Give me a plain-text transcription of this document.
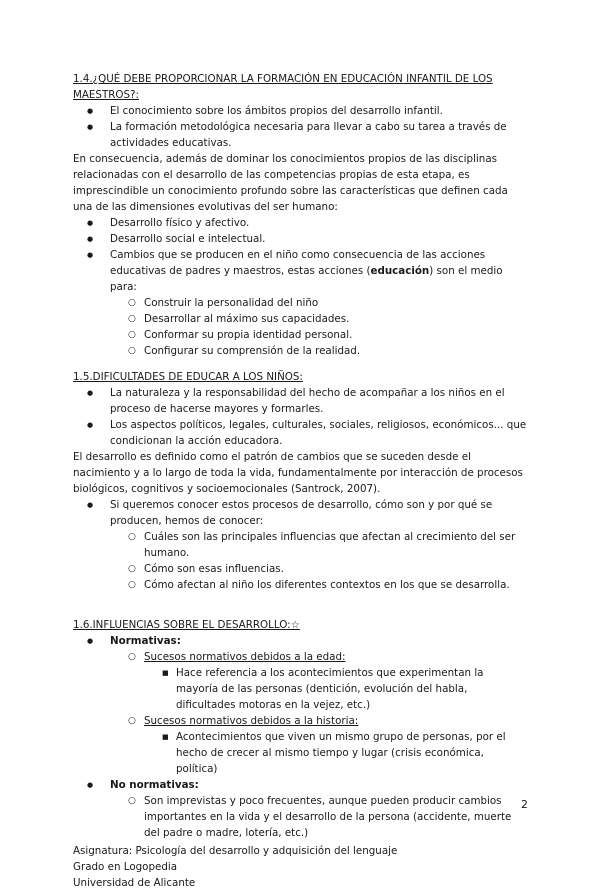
1.4.¿QUÉ DEBE PROPORCIONAR LA FORMACIÓN EN EDUCACIÓN INFANTIL DE LOS MAESTROS?:
● El conocimiento sobre los ámbitos propios del desarrollo infantil.
● La formación metodológica necesaria para llevar a cabo su tarea a través de actividades educativas.
En consecuencia, además de dominar los conocimientos propios de las disciplinas relacionadas con el desarrollo de las competencias propias de esta etapa, es imprescindible un conocimiento profundo sobre las características que definen cada una de las dimensiones evolutivas del ser humano:
● Desarrollo físico y afectivo.
● Desarrollo social e intelectual.
● Cambios que se producen en el niño como consecuencia de las acciones educativas de padres y maestros, estas acciones (educación) son el medio para:
○ Construir la personalidad del niño
○ Desarrollar al máximo sus capacidades.
○ Conformar su propia identidad personal.
○ Configurar su comprensión de la realidad.
1.5.DIFICULTADES DE EDUCAR A LOS NIÑOS:
● La naturaleza y la responsabilidad del hecho de acompañar a los niños en el proceso de hacerse mayores y formarles.
● Los aspectos políticos, legales, culturales, sociales, religiosos, económicos... que condicionan la acción educadora.
El desarrollo es definido como el patrón de cambios que se suceden desde el nacimiento y a lo largo de toda la vida, fundamentalmente por interacción de procesos biológicos, cognitivos y socioemocionales (Santrock, 2007).
● Si queremos conocer estos procesos de desarrollo, cómo son y por qué se producen, hemos de conocer:
○ Cuáles son las principales influencias que afectan al crecimiento del ser humano.
○ Cómo son esas influencias.
○ Cómo afectan al niño los diferentes contextos en los que se desarrolla.
1.6.INFLUENCIAS SOBRE EL DESARROLLO:☆
● Normativas:
○ Sucesos normativos debidos a la edad:
■ Hace referencia a los acontecimientos que experimentan la mayoría de las personas (dentición, evolución del habla, dificultades motoras en la vejez, etc.)
○ Sucesos normativos debidos a la historia:
■ Acontecimientos que viven un mismo grupo de personas, por el hecho de crecer al mismo tiempo y lugar (crisis económica, política)
● No normativas:
○ Son imprevistas y poco frecuentes, aunque pueden producir cambios importantes en la vida y el desarrollo de la persona (accidente, muerte del padre o madre, lotería, etc.)
Asignatura: Psicología del desarrollo y adquisición del lenguaje
Grado en Logopedia
Universidad de Alicante
2
